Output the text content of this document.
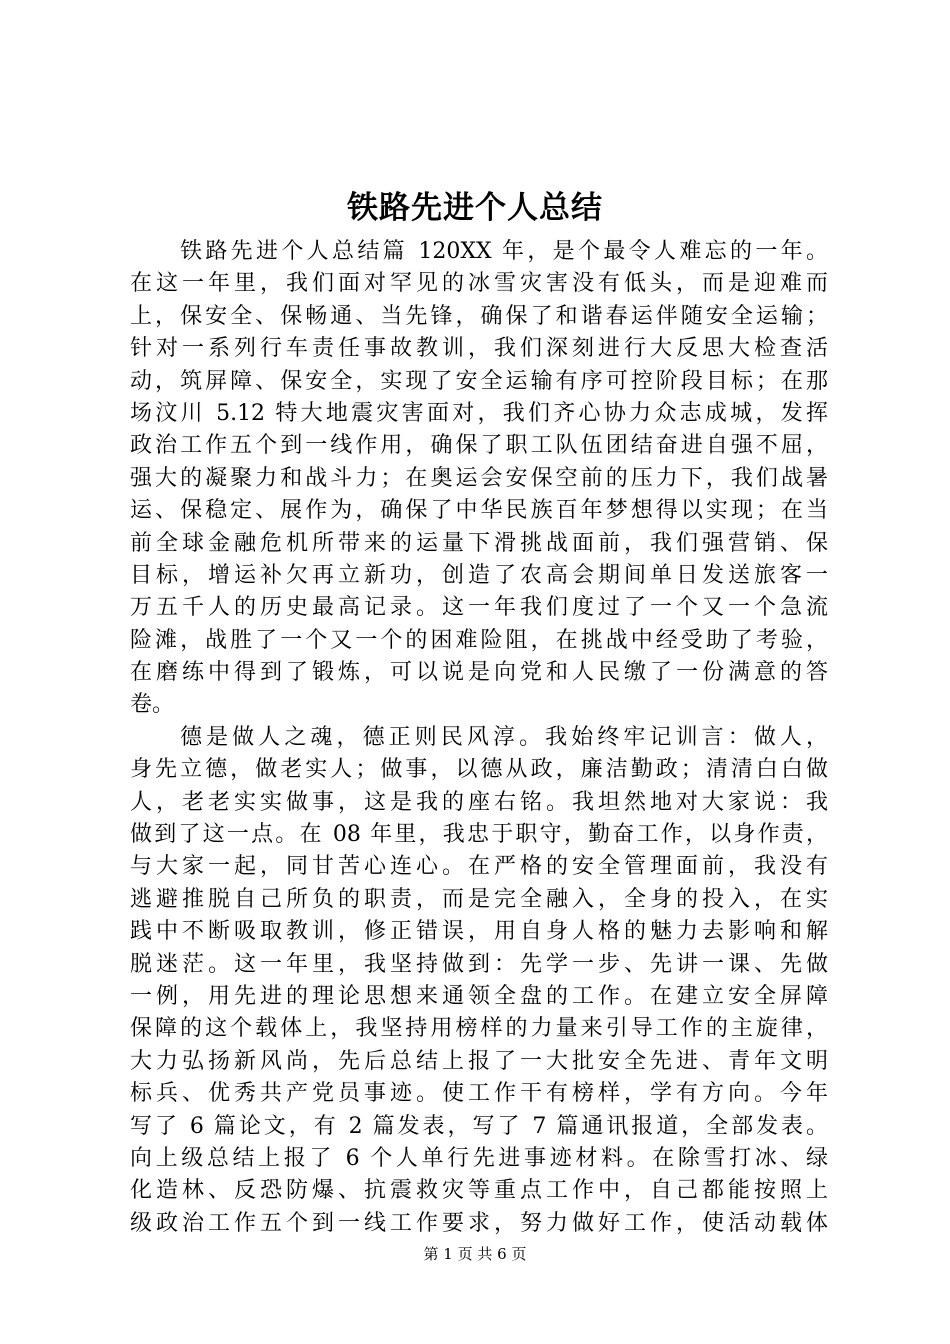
铁路先进个人总结
铁路先进个人总结篇 120XX 年，是个最令人难忘的一年。
在这一年里，我们面对罕见的冰雪灾害没有低头，而是迎难而
上，保安全、保畅通、当先锋，确保了和谐春运伴随安全运输；
针对一系列行车责任事故教训，我们深刻进行大反思大检查活
动，筑屏障、保安全，实现了安全运输有序可控阶段目标；在那
场汶川 5.12 特大地震灾害面对，我们齐心协力众志成城，发挥
政治工作五个到一线作用，确保了职工队伍团结奋进自强不屈，
强大的凝聚力和战斗力；在奥运会安保空前的压力下，我们战暑
运、保稳定、展作为，确保了中华民族百年梦想得以实现；在当
前全球金融危机所带来的运量下滑挑战面前，我们强营销、保
目标，增运补欠再立新功，创造了农高会期间单日发送旅客一
万五千人的历史最高记录。这一年我们度过了一个又一个急流
险滩，战胜了一个又一个的困难险阻，在挑战中经受助了考验，
在磨练中得到了锻炼，可以说是向党和人民缴了一份满意的答
卷。
德是做人之魂，德正则民风淳。我始终牢记训言：做人，
身先立德，做老实人；做事，以德从政，廉洁勤政；清清白白做
人，老老实实做事，这是我的座右铭。我坦然地对大家说：我
做到了这一点。在 08 年里，我忠于职守，勤奋工作，以身作责，
与大家一起，同甘苦心连心。在严格的安全管理面前，我没有
逃避推脱自己所负的职责，而是完全融入，全身的投入，在实
践中不断吸取教训，修正错误，用自身人格的魅力去影响和解
脱迷茫。这一年里，我坚持做到：先学一步、先讲一课、先做
一例，用先进的理论思想来通领全盘的工作。在建立安全屏障
保障的这个载体上，我坚持用榜样的力量来引导工作的主旋律，
大力弘扬新风尚，先后总结上报了一大批安全先进、青年文明
标兵、优秀共产党员事迹。使工作干有榜样，学有方向。今年
写了 6 篇论文，有 2 篇发表，写了 7 篇通讯报道，全部发表。
向上级总结上报了 6 个人单行先进事迹材料。在除雪打冰、绿
化造林、反恐防爆、抗震救灾等重点工作中，自己都能按照上
级政治工作五个到一线工作要求，努力做好工作，使活动载体
第 1 页 共 6 页
